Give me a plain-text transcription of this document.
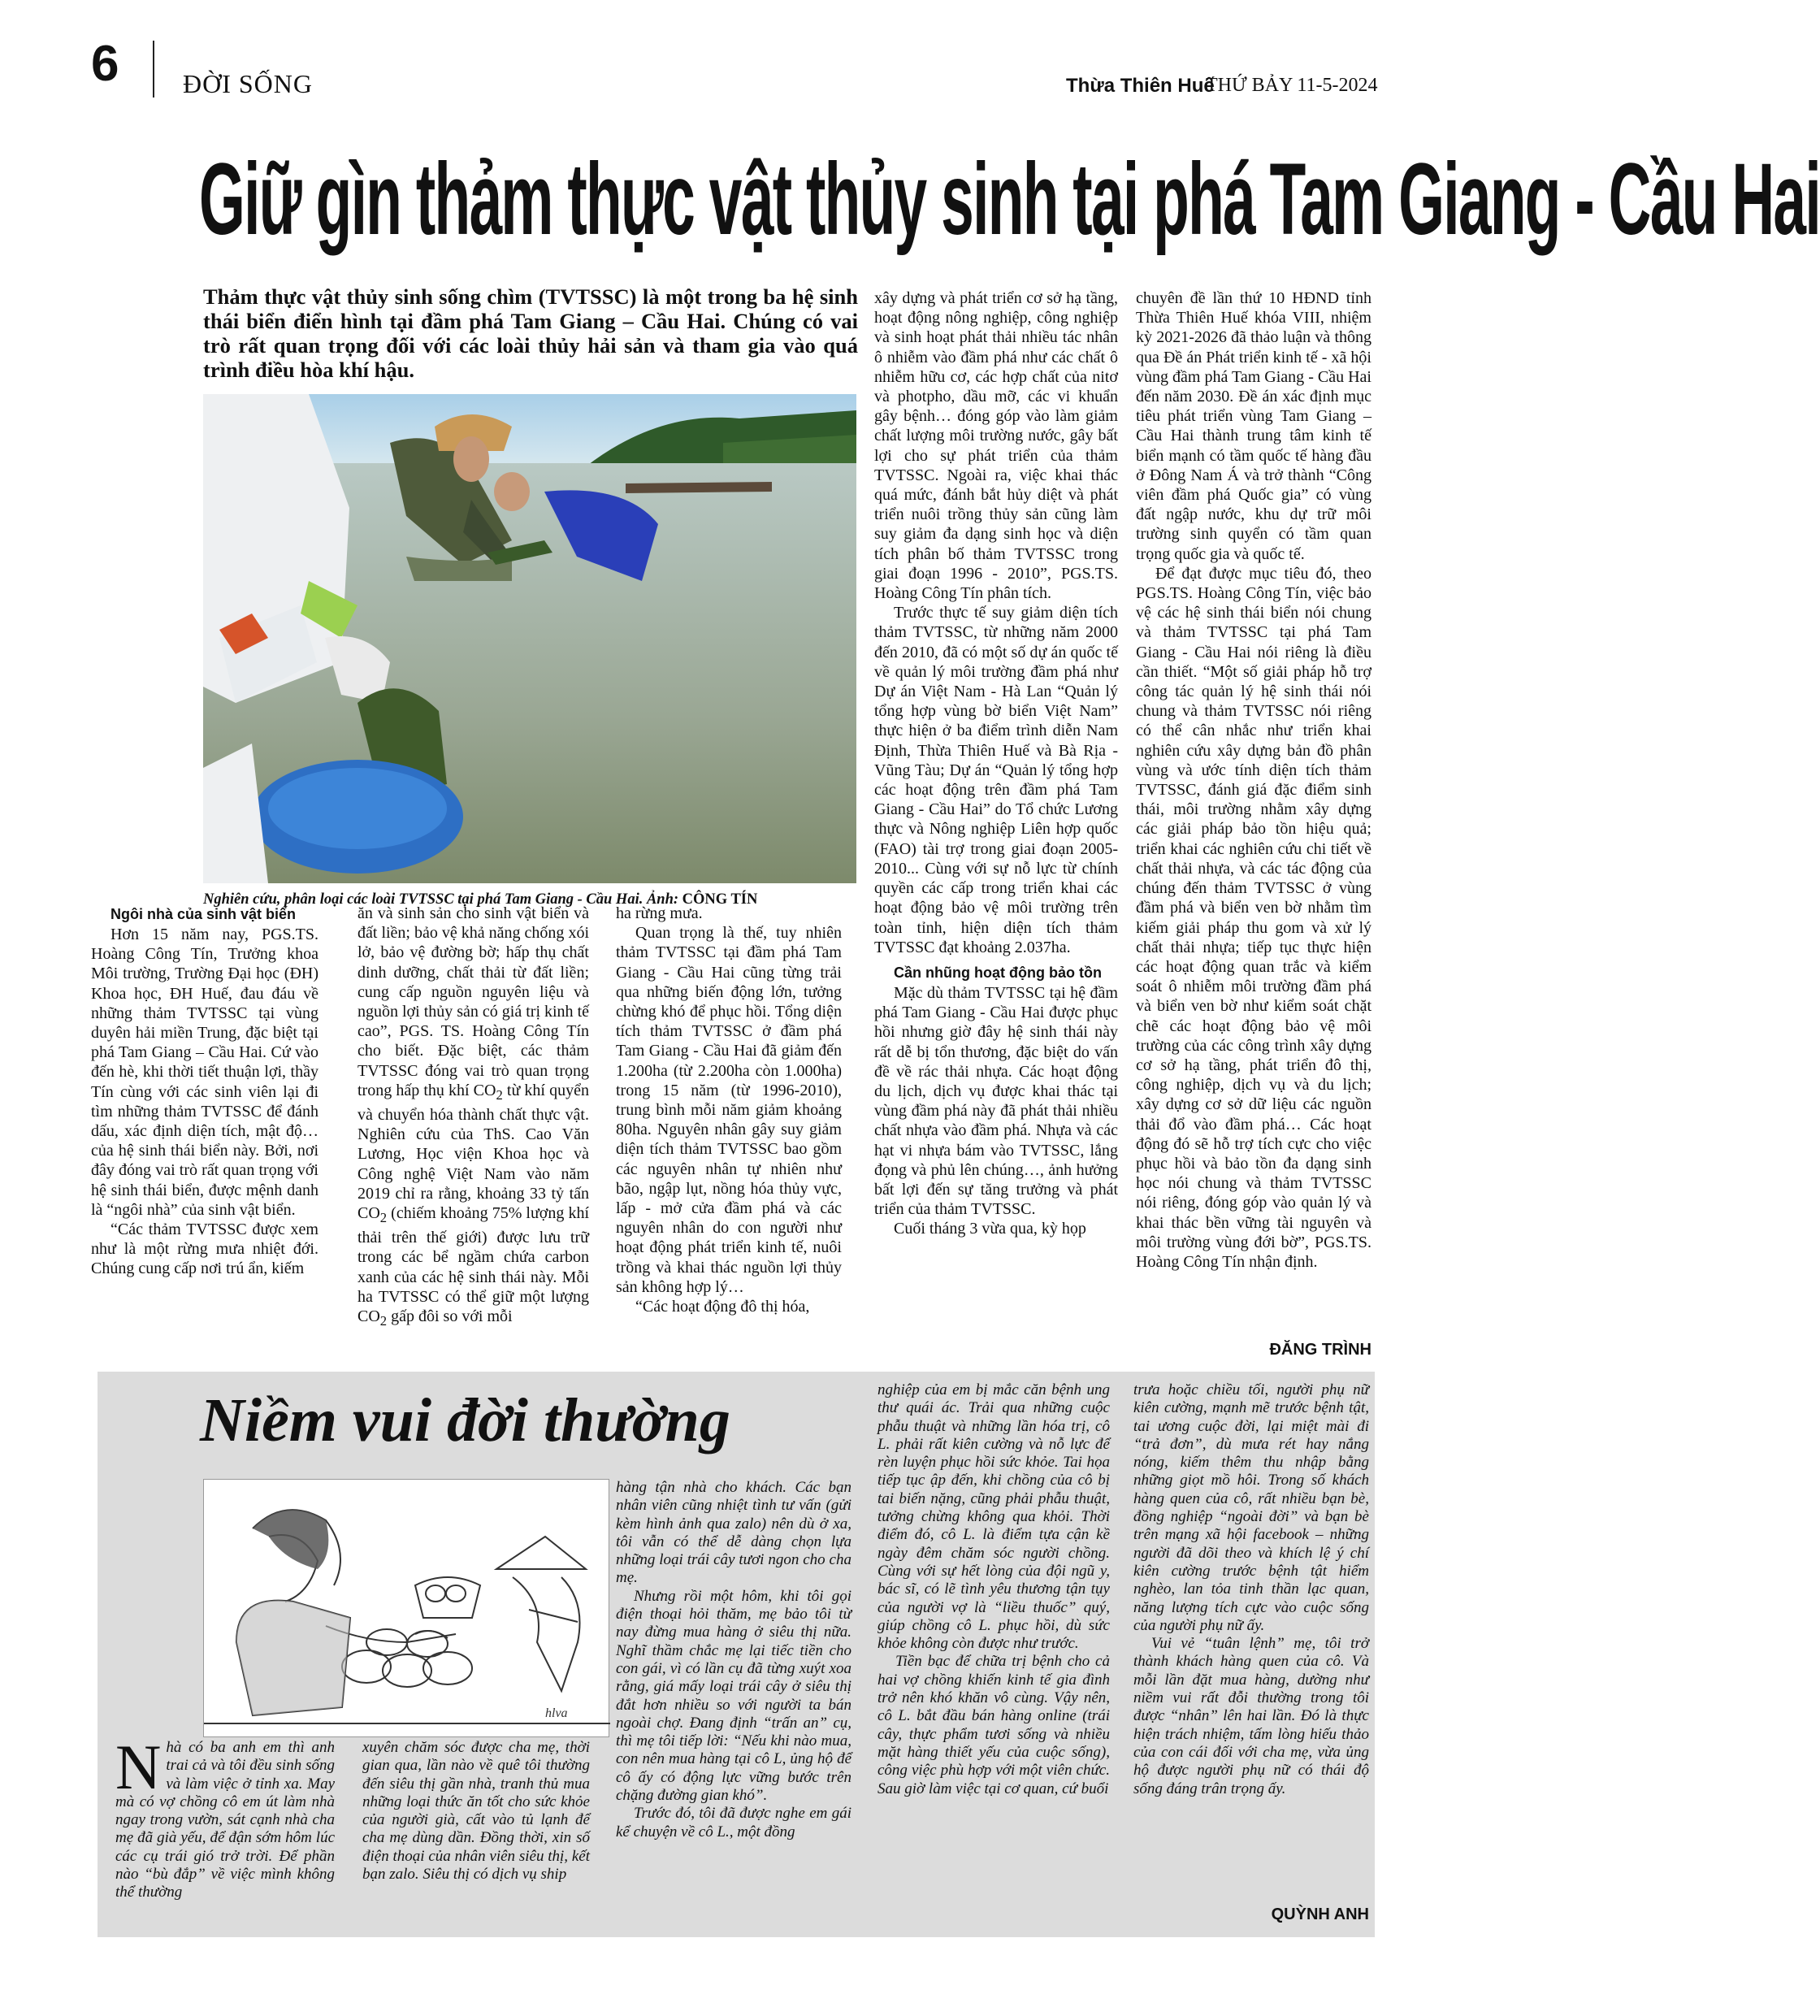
6 ĐỜI SỐNG	Thừa Thiên Huế
THỨ BẢY 11-5-2024
Giữ gìn thảm thực vật thủy sinh tại phá Tam Giang - Cầu Hai
Thảm thực vật thủy sinh sống chìm (TVTSSC) là một trong ba hệ sinh thái biển điển hình tại đầm phá Tam Giang – Cầu Hai. Chúng có vai trò rất quan trọng đối với các loài thủy hải sản và tham gia vào quá trình điều hòa khí hậu.
Nghiên cứu, phân loại các loài TVTSSC tại phá Tam Giang - Cầu Hai. Ảnh: CÔNG TÍN

Ngôi nhà của sinh vật biển

Hơn 15 năm nay, PGS.TS. Hoàng Công Tín, Trưởng khoa Môi trường, Trường Đại học (ĐH) Khoa học, ĐH Huế, đau đáu về những thảm TVTSSC tại vùng duyên hải miền Trung, đặc biệt tại phá Tam Giang – Cầu Hai. Cứ vào đến hè, khi thời tiết thuận lợi, thầy Tín cùng với các sinh viên lại đi tìm những thảm TVTSSC để đánh dấu, xác định diện tích, mật độ… của hệ sinh thái biển này. Bởi, nơi đây đóng vai trò rất quan trọng với hệ sinh thái biển, được mệnh danh là “ngôi nhà” của sinh vật biển.

“Các thảm TVTSSC được xem như là một rừng mưa nhiệt đới. Chúng cung cấp nơi trú ẩn, kiếm

ăn và sinh sản cho sinh vật biển và đất liền; bảo vệ khả năng chống xói lở, bảo vệ đường bờ; hấp thụ chất dinh dưỡng, chất thải từ đất liền; cung cấp nguồn nguyên liệu và nguồn lợi thủy sản có giá trị kinh tế cao”, PGS. TS. Hoàng Công Tín cho biết. Đặc biệt, các thảm TVTSSC đóng vai trò quan trọng trong hấp thụ khí $CO_2$ từ khí quyển và chuyển hóa thành chất thực vật. Nghiên cứu của ThS. Cao Văn Lương, Học viện Khoa học và Công nghệ Việt Nam vào năm 2019 chỉ ra rằng, khoảng 33 tỷ tấn $CO_2$ (chiếm khoảng 75% lượng khí thải trên thế giới) được lưu trữ trong các bể ngầm chứa carbon xanh của các hệ sinh thái này. Mỗi ha TVTSSC có thể giữ một lượng $CO_2$ gấp đôi so với mỗi

ha rừng mưa.

Quan trọng là thế, tuy nhiên thảm TVTSSC tại đầm phá Tam Giang - Cầu Hai cũng từng trải qua những biến động lớn, tưởng chừng khó để phục hồi. Tổng diện tích thảm TVTSSC ở đầm phá Tam Giang - Cầu Hai đã giảm đến 1.200ha (từ 2.200ha còn 1.000ha) trong 15 năm (từ 1996-2010), trung bình mỗi năm giảm khoảng 80ha. Nguyên nhân gây suy giảm diện tích thảm TVTSSC bao gồm các nguyên nhân tự nhiên như bão, ngập lụt, nồng hóa thủy vực, lấp - mở cửa đầm phá và các nguyên nhân do con người như hoạt động phát triển kinh tế, nuôi trồng và khai thác nguồn lợi thủy sản không hợp lý…

“Các hoạt động đô thị hóa,

xây dựng và phát triển cơ sở hạ tầng, hoạt động nông nghiệp, công nghiệp và sinh hoạt phát thải nhiều tác nhân ô nhiễm vào đầm phá như các chất ô nhiễm hữu cơ, các hợp chất của nitơ và photpho, dầu mỡ, các vi khuẩn gây bệnh… đóng góp vào làm giảm chất lượng môi trường nước, gây bất lợi cho sự phát triển của thảm TVTSSC. Ngoài ra, việc khai thác quá mức, đánh bắt hủy diệt và phát triển nuôi trồng thủy sản cũng làm suy giảm đa dạng sinh học và diện tích phân bố thảm TVTSSC trong giai đoạn 1996 - 2010”, PGS.TS. Hoàng Công Tín phân tích.

Trước thực tế suy giảm diện tích thảm TVTSSC, từ những năm 2000 đến 2010, đã có một số dự án quốc tế về quản lý môi trường đầm phá như Dự án Việt Nam - Hà Lan “Quản lý tổng hợp vùng bờ biển Việt Nam” thực hiện ở ba điểm trình diễn Nam Định, Thừa Thiên Huế và Bà Rịa - Vũng Tàu; Dự án “Quản lý tổng hợp các hoạt động trên đầm phá Tam Giang - Cầu Hai” do Tổ chức Lương thực và Nông nghiệp Liên hợp quốc (FAO) tài trợ trong giai đoạn 2005-2010... Cùng với sự nỗ lực từ chính quyền các cấp trong triển khai các hoạt động bảo vệ môi trường trên toàn tỉnh, hiện diện tích thảm TVTSSC đạt khoảng 2.037ha.

Cần nhũng hoạt động bảo tồn

Mặc dù thảm TVTSSC tại hệ đầm phá Tam Giang - Cầu Hai được phục hồi nhưng giờ đây hệ sinh thái này rất dễ bị tổn thương, đặc biệt do vấn đề về rác thải nhựa. Các hoạt động du lịch, dịch vụ được khai thác tại vùng đầm phá này đã phát thải nhiều chất nhựa vào đầm phá. Nhựa và các hạt vi nhựa bám vào TVTSSC, lắng đọng và phủ lên chúng…, ảnh hưởng bất lợi đến sự tăng trưởng và phát triển của thảm TVTSSC.

Cuối tháng 3 vừa qua, kỳ họp

chuyên đề lần thứ 10 HĐND tỉnh Thừa Thiên Huế khóa VIII, nhiệm kỳ 2021-2026 đã thảo luận và thông qua Đề án Phát triển kinh tế - xã hội vùng đầm phá Tam Giang - Cầu Hai đến năm 2030. Đề án xác định mục tiêu phát triển vùng Tam Giang – Cầu Hai thành trung tâm kinh tế biển mạnh có tầm quốc tế hàng đầu ở Đông Nam Á và trở thành “Công viên đầm phá Quốc gia” có vùng đất ngập nước, khu dự trữ môi trường sinh quyển có tầm quan trọng quốc gia và quốc tế.

Để đạt được mục tiêu đó, theo PGS.TS. Hoàng Công Tín, việc bảo vệ các hệ sinh thái biển nói chung và thảm TVTSSC tại phá Tam Giang - Cầu Hai nói riêng là điều cần thiết. “Một số giải pháp hỗ trợ công tác quản lý hệ sinh thái nói chung và thảm TVTSSC nói riêng có thể cân nhắc như triển khai nghiên cứu xây dựng bản đồ phân vùng và ước tính diện tích thảm TVTSSC, đánh giá đặc điểm sinh thái, môi trường nhằm xây dựng các giải pháp bảo tồn hiệu quả; triển khai các nghiên cứu chi tiết về chất thải nhựa, và các tác động của chúng đến thảm TVTSSC ở vùng đầm phá và biển ven bờ nhằm tìm kiếm giải pháp thu gom và xử lý chất thải nhựa; tiếp tục thực hiện các hoạt động quan trắc và kiểm soát ô nhiễm môi trường đầm phá và biển ven bờ như kiểm soát chặt chẽ các hoạt động bảo vệ môi trường của các công trình xây dựng cơ sở hạ tầng, phát triển đô thị, công nghiệp, dịch vụ và du lịch; xây dựng cơ sở dữ liệu các nguồn thải đổ vào đầm phá… Các hoạt động đó sẽ hỗ trợ tích cực cho việc phục hồi và bảo tồn đa dạng sinh học nói chung và thảm TVTSSC nói riêng, đóng góp vào quản lý và khai thác bền vững tài nguyên và môi trường vùng đới bờ”, PGS.TS. Hoàng Công Tín nhận định.

ĐĂNG TRÌNH
Niềm vui đời thường
hlva

Nhà có ba anh em thì anh trai cả và tôi đều sinh sống và làm việc ở tỉnh xa. May mà có vợ chồng cô em út làm nhà ngay trong vườn, sát cạnh nhà cha mẹ đã già yếu, để đận sớm hôm lúc các cụ trái gió trở trời. Để phần nào “bù đắp” về việc mình không thể thường

xuyên chăm sóc được cha mẹ, thời gian qua, lần nào về quê tôi thường đến siêu thị gần nhà, tranh thủ mua những loại thức ăn tốt cho sức khỏe của người già, cất vào tủ lạnh để cha mẹ dùng dần. Đồng thời, xin số điện thoại của nhân viên siêu thị, kết bạn zalo. Siêu thị có dịch vụ ship

hàng tận nhà cho khách. Các bạn nhân viên cũng nhiệt tình tư vấn (gửi kèm hình ảnh qua zalo) nên dù ở xa, tôi vẫn có thể dễ dàng chọn lựa những loại trái cây tươi ngon cho cha mẹ.

Nhưng rồi một hôm, khi tôi gọi điện thoại hỏi thăm, mẹ bảo tôi từ nay đừng mua hàng ở siêu thị nữa. Nghĩ thầm chắc mẹ lại tiếc tiền cho con gái, vì có lần cụ đã từng xuýt xoa rằng, giá mấy loại trái cây ở siêu thị đắt hơn nhiều so với người ta bán ngoài chợ. Đang định “trấn an” cụ, thì mẹ tôi tiếp lời: “Nếu khi nào mua, con nên mua hàng tại cô L, ủng hộ để cô ấy có động lực vững bước trên chặng đường gian khó”.

Trước đó, tôi đã được nghe em gái kể chuyện về cô L., một đồng

nghiệp của em bị mắc căn bệnh ung thư quái ác. Trải qua những cuộc phẫu thuật và những lần hóa trị, cô L. phải rất kiên cường và nỗ lực để rèn luyện phục hồi sức khỏe. Tai họa tiếp tục ập đến, khi chồng của cô bị tai biến nặng, cũng phải phẫu thuật, tưởng chừng không qua khỏi. Thời điểm đó, cô L. là điểm tựa cận kề ngày đêm chăm sóc người chồng. Cùng với sự hết lòng của đội ngũ y, bác sĩ, có lẽ tình yêu thương tận tụy của người vợ là “liều thuốc” quý, giúp chồng cô L. phục hồi, dù sức khỏe không còn được như trước.

Tiền bạc để chữa trị bệnh cho cả hai vợ chồng khiến kinh tế gia đình trở nên khó khăn vô cùng. Vậy nên, cô L. bắt đầu bán hàng online (trái cây, thực phẩm tươi sống và nhiều mặt hàng thiết yếu của cuộc sống), công việc phù hợp với một viên chức. Sau giờ làm việc tại cơ quan, cứ buổi

trưa hoặc chiều tối, người phụ nữ kiên cường, mạnh mẽ trước bệnh tật, tai ương cuộc đời, lại miệt mài đi “trả đơn”, dù mưa rét hay nắng nóng, kiếm thêm thu nhập bằng những giọt mồ hôi. Trong số khách hàng quen của cô, rất nhiều bạn bè, đồng nghiệp “ngoài đời” và bạn bè trên mạng xã hội facebook – những người đã dõi theo và khích lệ ý chí kiên cường trước bệnh tật hiểm nghèo, lan tỏa tinh thần lạc quan, năng lượng tích cực vào cuộc sống của người phụ nữ ấy.

Vui vẻ “tuân lệnh” mẹ, tôi trở thành khách hàng quen của cô. Và mỗi lần đặt mua hàng, dường như niềm vui rất đỗi thường trong tôi được “nhân” lên hai lần. Đó là thực hiện trách nhiệm, tấm lòng hiếu thảo của con cái đối với cha mẹ, vừa ủng hộ được người phụ nữ có thái độ sống đáng trân trọng ấy.

QUỲNH ANH
